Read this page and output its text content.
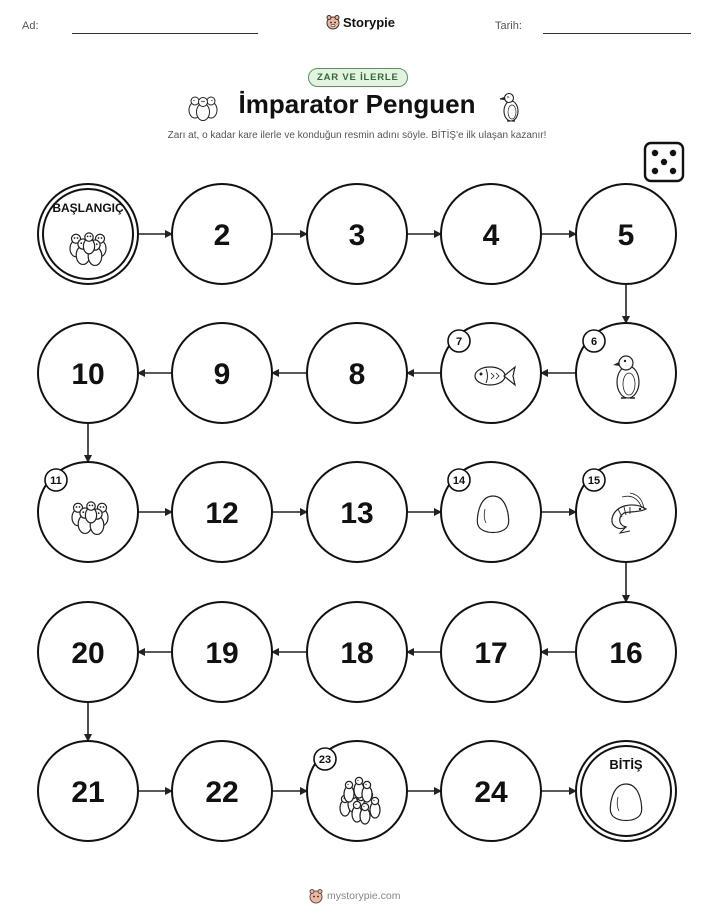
Ad:	Storypie	Tarih:
ZAR VE İLERLE
İmparator Penguen
Zarı at, o kadar kare ilerle ve konduğun resmin adını söyle. BİTİŞ'e ilk ulaşan kazanır!
BAŞLANGIÇ
2	3	4	5
6
7
8
9
10
11
12	13
14	15
16
17
18
19
20
21	22
23
24
BİTİŞ
mystorypie.com
